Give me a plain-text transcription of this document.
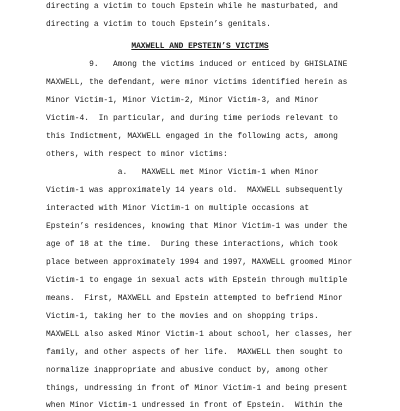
directing a victim to touch Epstein while he masturbated, and
directing a victim to touch Epstein’s genitals.
MAXWELL AND EPSTEIN’S VICTIMS
9.   Among the victims induced or enticed by GHISLAINE
MAXWELL, the defendant, were minor victims identified herein as
Minor Victim-1, Minor Victim-2, Minor Victim-3, and Minor
Victim-4.  In particular, and during time periods relevant to
this Indictment, MAXWELL engaged in the following acts, among
others, with respect to minor victims:
a.   MAXWELL met Minor Victim-1 when Minor
Victim-1 was approximately 14 years old.  MAXWELL subsequently
interacted with Minor Victim-1 on multiple occasions at
Epstein’s residences, knowing that Minor Victim-1 was under the
age of 18 at the time.  During these interactions, which took
place between approximately 1994 and 1997, MAXWELL groomed Minor
Victim-1 to engage in sexual acts with Epstein through multiple
means.  First, MAXWELL and Epstein attempted to befriend Minor
Victim-1, taking her to the movies and on shopping trips.
MAXWELL also asked Minor Victim-1 about school, her classes, her
family, and other aspects of her life.  MAXWELL then sought to
normalize inappropriate and abusive conduct by, among other
things, undressing in front of Minor Victim-1 and being present
when Minor Victim-1 undressed in front of Epstein.  Within the
